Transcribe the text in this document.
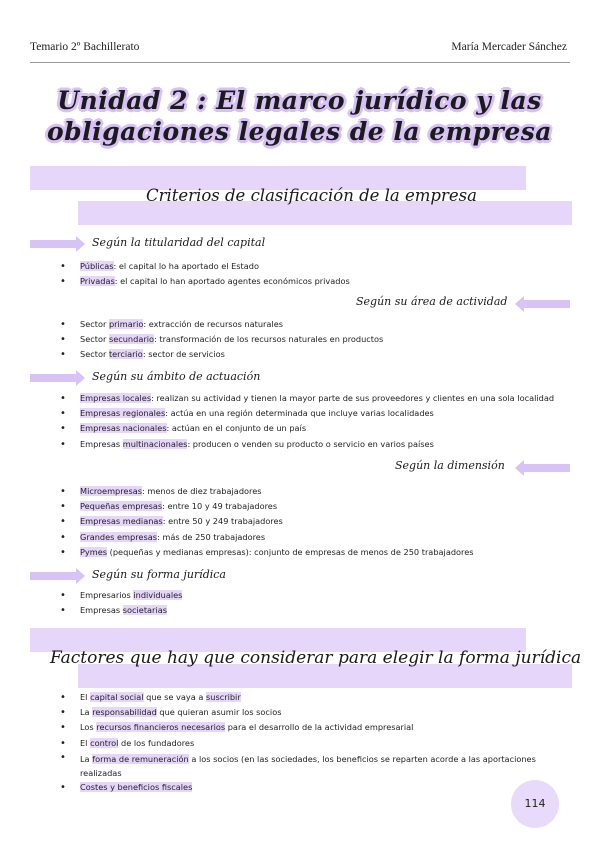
Temario 2º Bachillerato	María Mercader Sánchez
Unidad 2 : El marco jurídico y las
obligaciones legales de la empresa
Criterios de clasificación de la empresa
Según la titularidad del capital
• Públicas: el capital lo ha aportado el Estado
• Privadas: el capital lo han aportado agentes económicos privados
Según su área de actividad
• Sector primario: extracción de recursos naturales
• Sector secundario: transformación de los recursos naturales en productos
• Sector terciario: sector de servicios
Según su ámbito de actuación
• Empresas locales: realizan su actividad y tienen la mayor parte de sus proveedores y clientes en una sola localidad
• Empresas regionales: actúa en una región determinada que incluye varias localidades
• Empresas nacionales: actúan en el conjunto de un país
• Empresas multinacionales: producen o venden su producto o servicio en varios países
Según la dimensión
• Microempresas: menos de diez trabajadores
• Pequeñas empresas: entre 10 y 49 trabajadores
• Empresas medianas: entre 50 y 249 trabajadores
• Grandes empresas: más de 250 trabajadores
• Pymes (pequeñas y medianas empresas): conjunto de empresas de menos de 250 trabajadores
Según su forma jurídica
• Empresarios individuales
• Empresas societarias
Factores que hay que considerar para elegir la forma jurídica
• El capital social que se vaya a suscribir
• La responsabilidad que quieran asumir los socios
• Los recursos financieros necesarios para el desarrollo de la actividad empresarial
• El control de los fundadores
• La forma de remuneración a los socios (en las sociedades, los beneficios se reparten acorde a las aportaciones realizadas
• Costes y beneficios fiscales
114
